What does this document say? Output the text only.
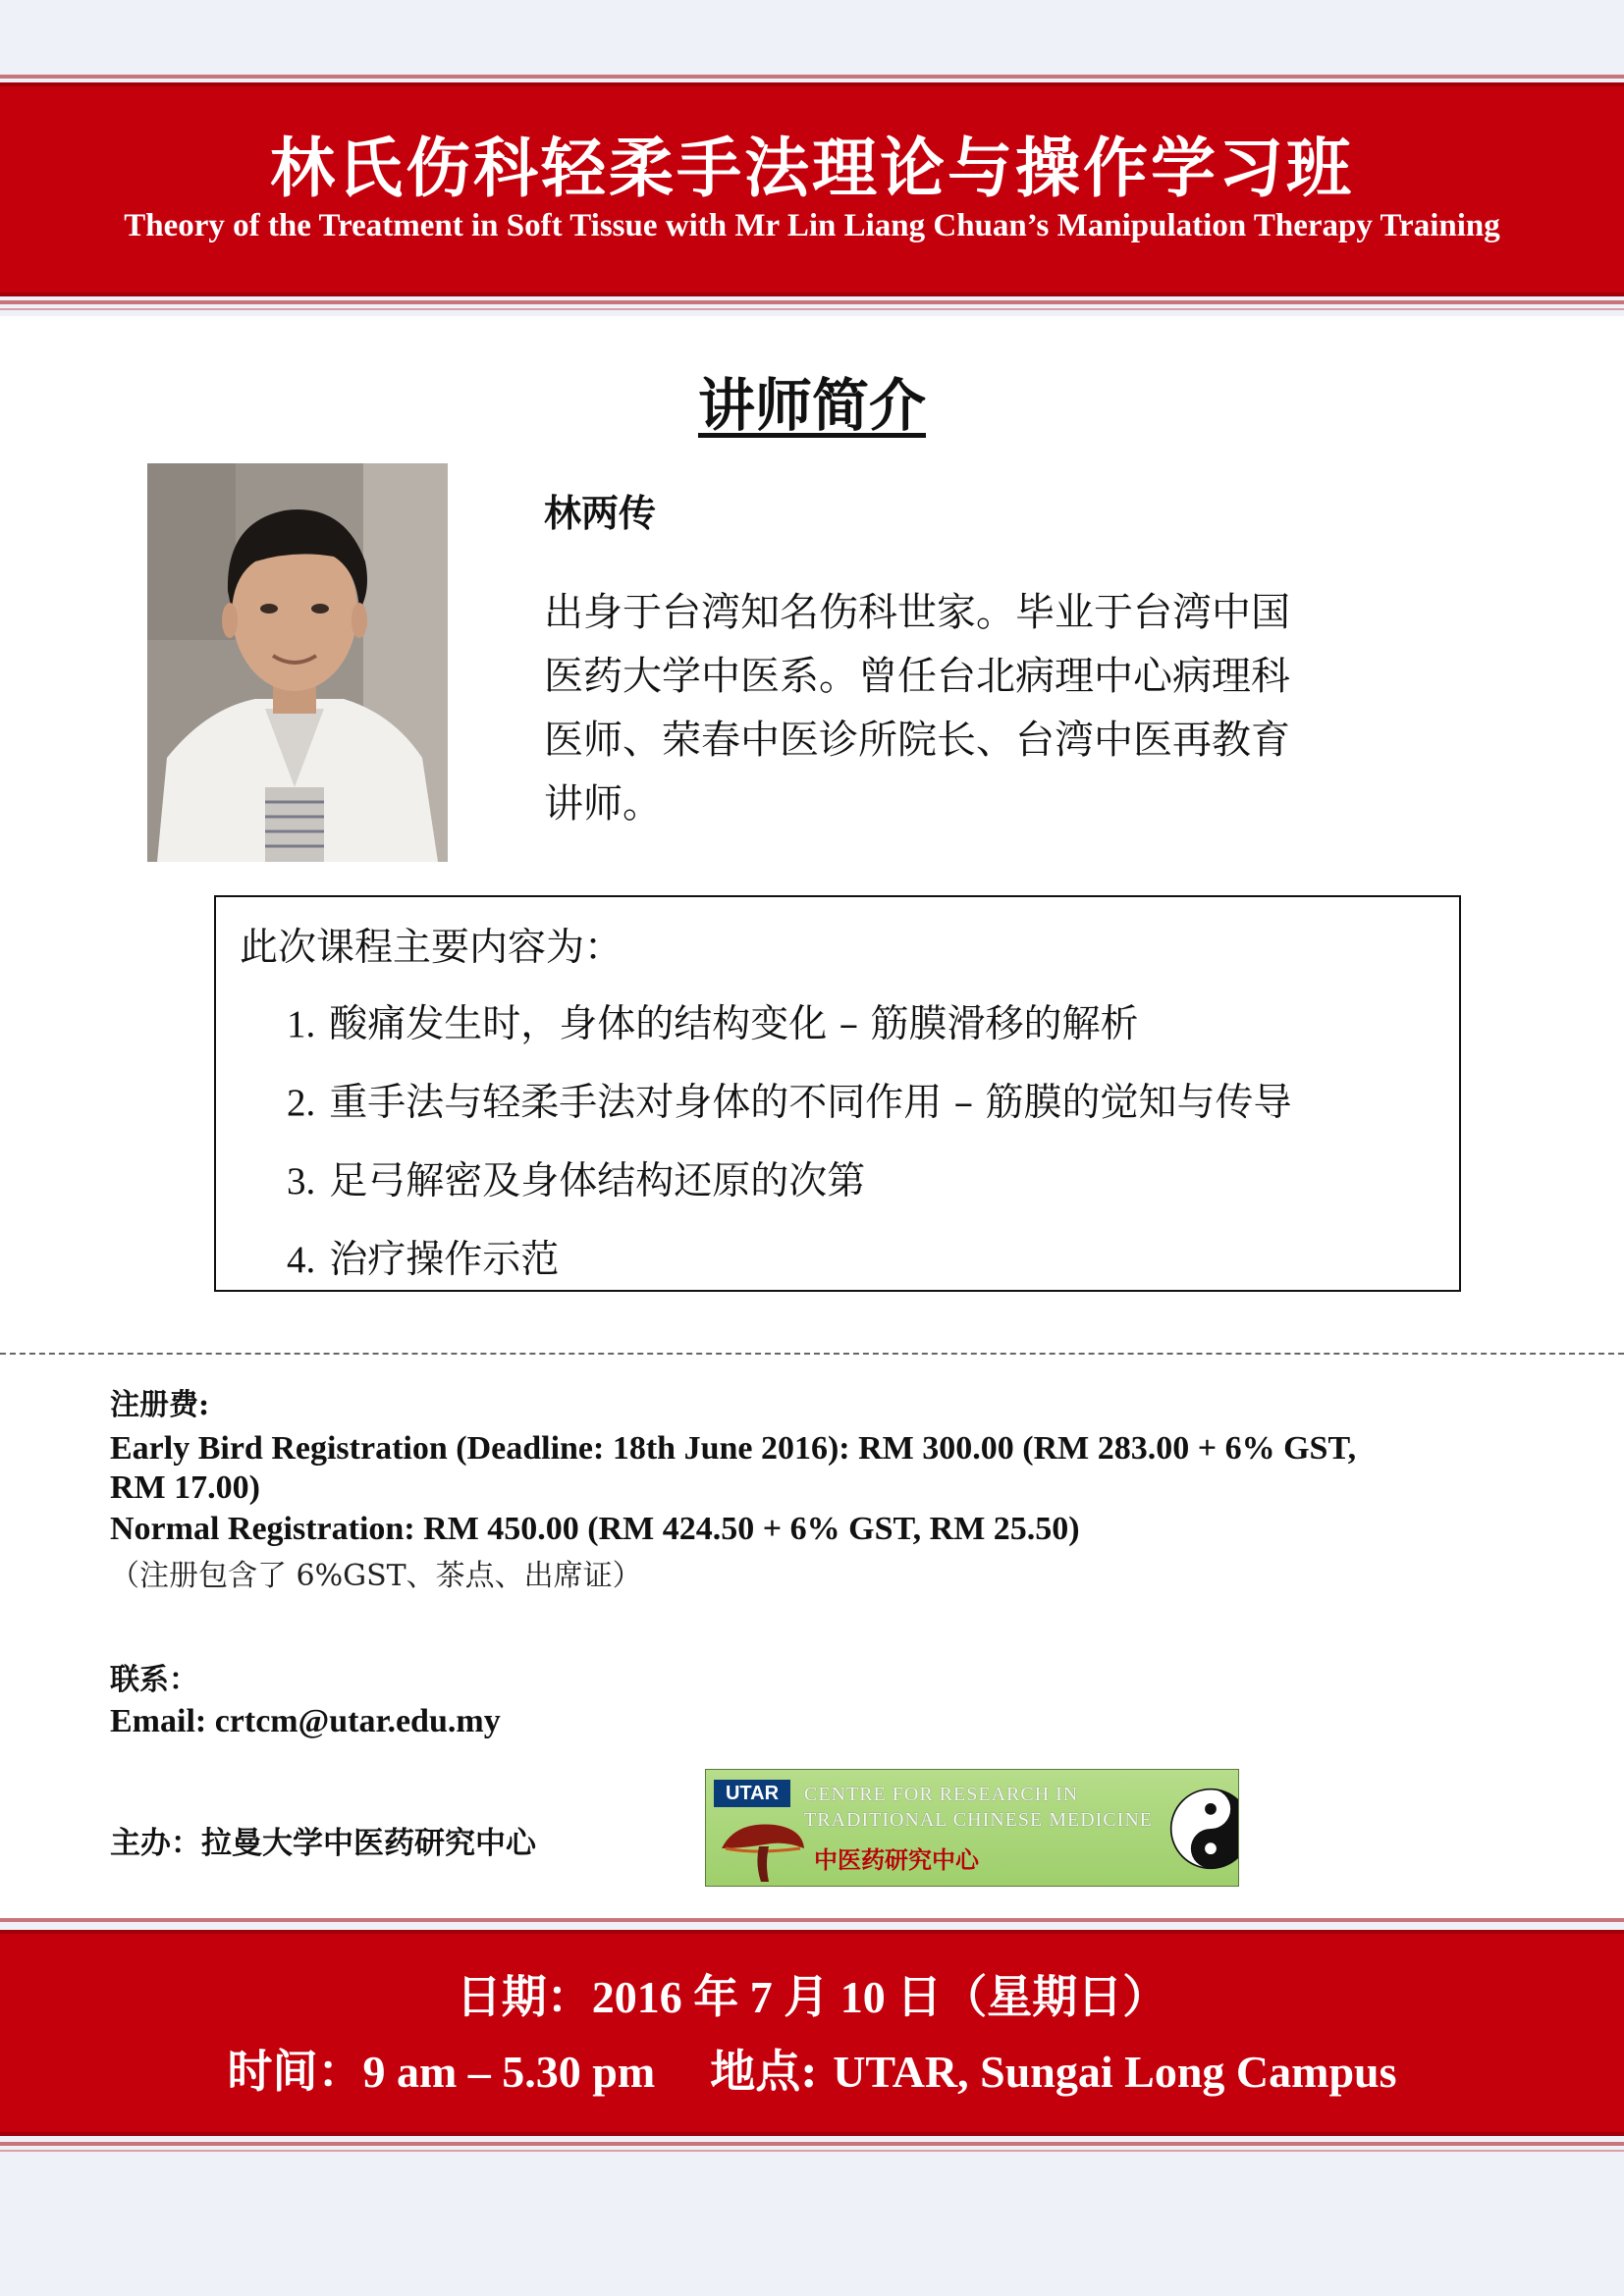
林氏伤科轻柔手法理论与操作学习班
Theory of the Treatment in Soft Tissue with Mr Lin Liang Chuan’s Manipulation Therapy Training
讲师简介
林两传
出身于台湾知名伤科世家。毕业于台湾中国
医药大学中医系。曾任台北病理中心病理科
医师、荣春中医诊所院长、台湾中医再教育
讲师。
此次课程主要内容为：
1. 酸痛发生时，身体的结构变化 – 筋膜滑移的解析
2. 重手法与轻柔手法对身体的不同作用 – 筋膜的觉知与传导
3. 足弓解密及身体结构还原的次第
4. 治疗操作示范
注册费:
Early Bird Registration (Deadline: 18th June 2016): RM 300.00 (RM 283.00 + 6% GST,
RM 17.00)
Normal Registration: RM 450.00 (RM 424.50 + 6% GST, RM 25.50)
（注册包含了 6%GST、茶点、出席证）
联系：
Email: crtcm@utar.edu.my
主办：拉曼大学中医药研究中心
UTAR	CENTRE FOR RESEARCH IN
TRADITIONAL CHINESE MEDICINE
中医药研究中心
日期：2016 年 7 月 10 日（星期日）
时间：9 am – 5.30 pm 地点: UTAR, Sungai Long Campus
